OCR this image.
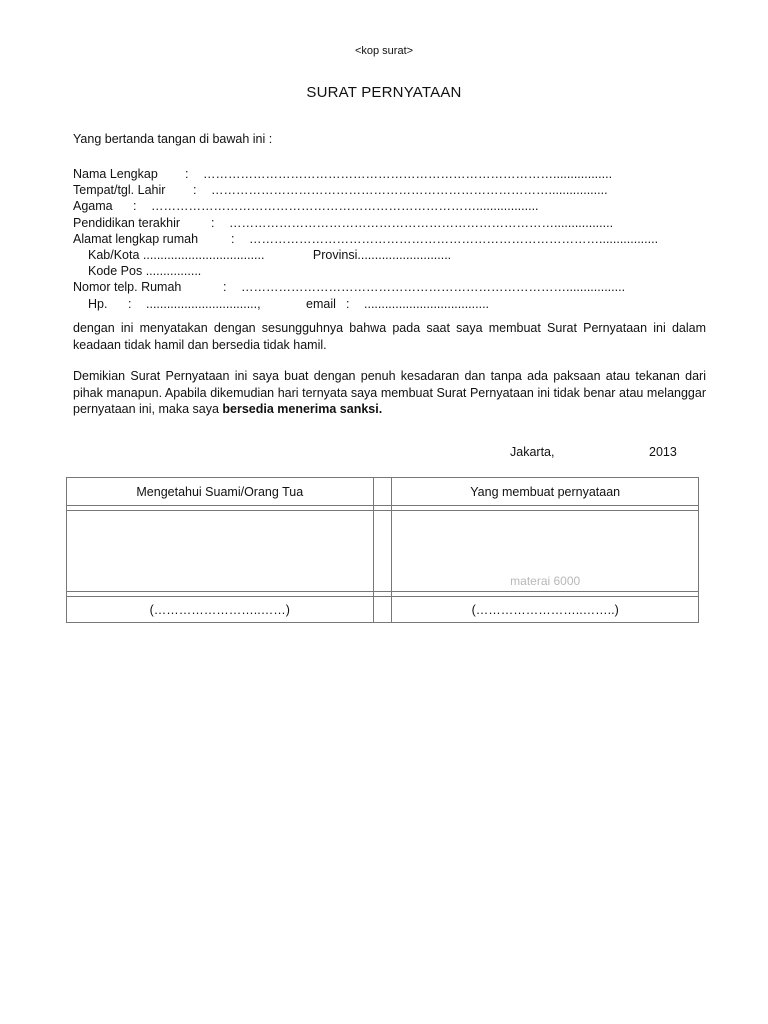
<kop surat>
SURAT PERNYATAAN
Yang bertanda tangan di bawah ini :
Nama Lengkap : ………………………………………………………………………….................
Tempat/tgl. Lahir : ……………………………………………………………………….................
Agama : ……………………………………………………………………..................
Pendidikan terakhir : …………………………………………………………………….................
Alamat lengkap rumah	: ………………………………………………………………………….................
Kab/Kota ...................................	Provinsi...........................
Kode Pos ................
Nomor telp. Rumah	: …………………………………………………………………….................
Hp. : ................................,	email : ....................................
dengan ini menyatakan dengan sesungguhnya bahwa pada saat saya membuat Surat Pernyataan ini dalam keadaan tidak hamil dan bersedia tidak hamil.
Demikian Surat Pernyataan ini saya buat dengan penuh kesadaran dan tanpa ada paksaan atau tekanan dari pihak manapun. Apabila dikemudian hari ternyata saya membuat Surat Pernyataan ini tidak benar atau melanggar pernyataan ini, maka saya bersedia menerima sanksi.
Jakarta,	2013
Mengetahui Suami/Orang Tua		Yang membuat pernyataan

		materai 6000

(……………………..……)		(……………………..……..)
